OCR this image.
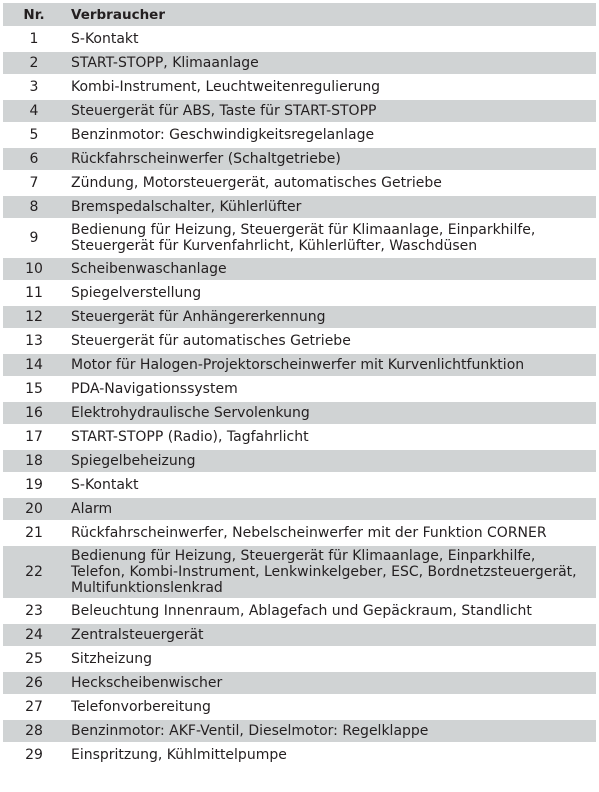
Nr.	Verbraucher
1	S-Kontakt
2	START-STOPP, Klimaanlage
3	Kombi-Instrument, Leuchtweitenregulierung
4	Steuergerät für ABS, Taste für START-STOPP
5	Benzinmotor: Geschwindigkeitsregelanlage
6	Rückfahrscheinwerfer (Schaltgetriebe)
7	Zündung, Motorsteuergerät, automatisches Getriebe
8	Bremspedalschalter, Kühlerlüfter
9	Bedienung für Heizung, Steuergerät für Klimaanlage, Einparkhilfe, Steuergerät für Kurvenfahrlicht, Kühlerlüfter, Waschdüsen
10	Scheibenwaschanlage
11	Spiegelverstellung
12	Steuergerät für Anhängererkennung
13	Steuergerät für automatisches Getriebe
14	Motor für Halogen-Projektorscheinwerfer mit Kurvenlichtfunktion
15	PDA-Navigationssystem
16	Elektrohydraulische Servolenkung
17	START-STOPP (Radio), Tagfahrlicht
18	Spiegelbeheizung
19	S-Kontakt
20	Alarm
21	Rückfahrscheinwerfer, Nebelscheinwerfer mit der Funktion CORNER
22	Bedienung für Heizung, Steuergerät für Klimaanlage, Einparkhilfe, Telefon, Kombi-Instrument, Lenkwinkelgeber, ESC, Bordnetzsteuergerät, Multifunktionslenkrad
23	Beleuchtung Innenraum, Ablagefach und Gepäckraum, Standlicht
24	Zentralsteuergerät
25	Sitzheizung
26	Heckscheibenwischer
27	Telefonvorbereitung
28	Benzinmotor: AKF-Ventil, Dieselmotor: Regelklappe
29	Einspritzung, Kühlmittelpumpe
